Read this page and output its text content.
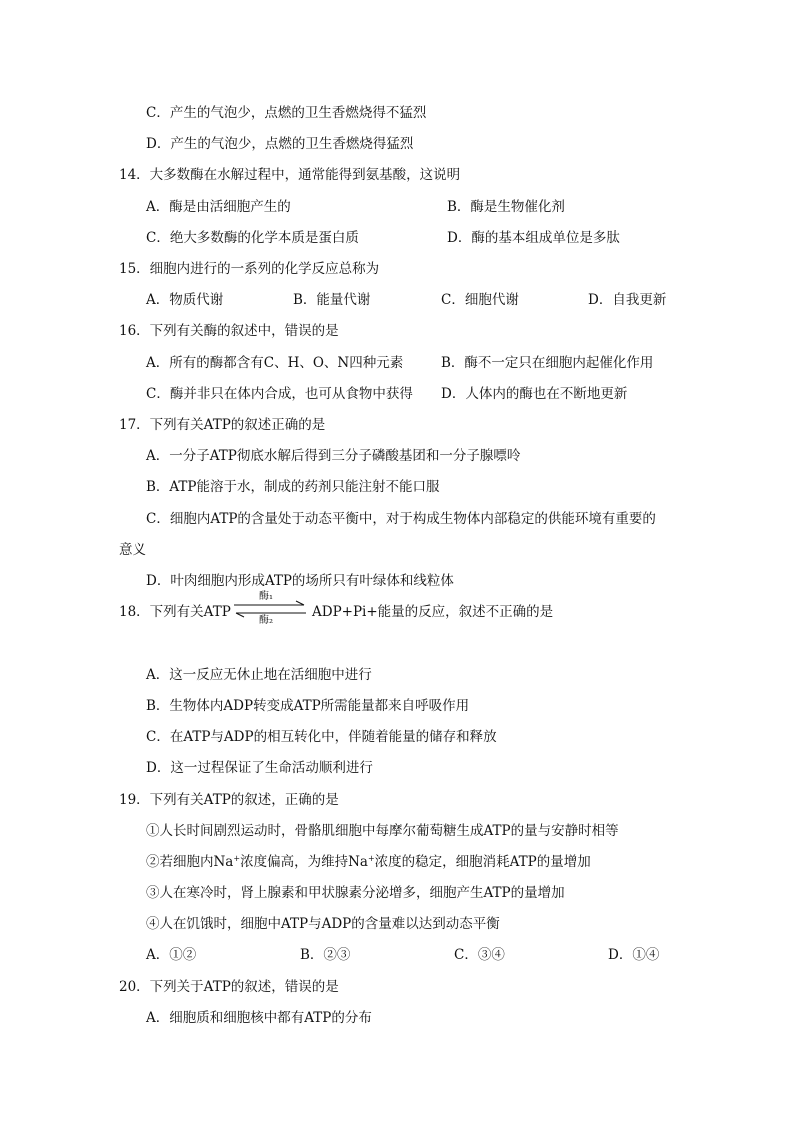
C．产生的气泡少，点燃的卫生香燃烧得不猛烈
D．产生的气泡少，点燃的卫生香燃烧得猛烈
14．大多数酶在水解过程中，通常能得到氨基酸，这说明
A．酶是由活细胞产生的	B．酶是生物催化剂
C．绝大多数酶的化学本质是蛋白质	D．酶的基本组成单位是多肽
15．细胞内进行的一系列的化学反应总称为
A．物质代谢	B．能量代谢	C．细胞代谢	D．自我更新
16．下列有关酶的叙述中，错误的是
A．所有的酶都含有C、H、O、N四种元素	B．酶不一定只在细胞内起催化作用
C．酶并非只在体内合成，也可从食物中获得 D．人体内的酶也在不断地更新
17．下列有关ATP的叙述正确的是
A．一分子ATP彻底水解后得到三分子磷酸基团和一分子腺嘌呤
B．ATP能溶于水，制成的药剂只能注射不能口服
C．细胞内ATP的含量处于动态平衡中，对于构成生物体内部稳定的供能环境有重要的
意义
D．叶肉细胞内形成ATP的场所只有叶绿体和线粒体
18．下列有关ATP
酶₁
酶₂
ADP+Pi+能量的反应，叙述不正确的是
A．这一反应无休止地在活细胞中进行
B．生物体内ADP转变成ATP所需能量都来自呼吸作用
C．在ATP与ADP的相互转化中，伴随着能量的储存和释放
D．这一过程保证了生命活动顺利进行
19．下列有关ATP的叙述，正确的是
①人长时间剧烈运动时，骨骼肌细胞中每摩尔葡萄糖生成ATP的量与安静时相等
②若细胞内Na+浓度偏高，为维持Na+浓度的稳定，细胞消耗ATP的量增加
③人在寒冷时，肾上腺素和甲状腺素分泌增多，细胞产生ATP的量增加
④人在饥饿时，细胞中ATP与ADP的含量难以达到动态平衡
A．①②	B．②③	C．③④	D．①④
20．下列关于ATP的叙述，错误的是
A．细胞质和细胞核中都有ATP的分布
